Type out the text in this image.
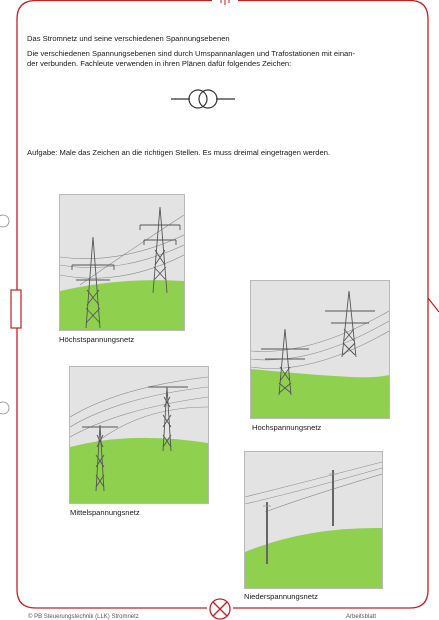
Das Stromnetz und seine verschiedenen Spannungsebenen
Die verschiedenen Spannungsebenen sind durch Umspannanlagen und Trafostationen mit einan-
der verbunden. Fachleute verwenden in ihren Plänen dafür folgendes Zeichen:
Aufgabe: Male das Zeichen an die richtigen Stellen. Es muss dreimal eingetragen werden.
Höchstspannungsnetz
Hochspannungsnetz
Mittelspannungsnetz
Niederspannungsnetz
© PB Steuerungstechnik (LLK) Stromnetz	Arbeitsblatt
